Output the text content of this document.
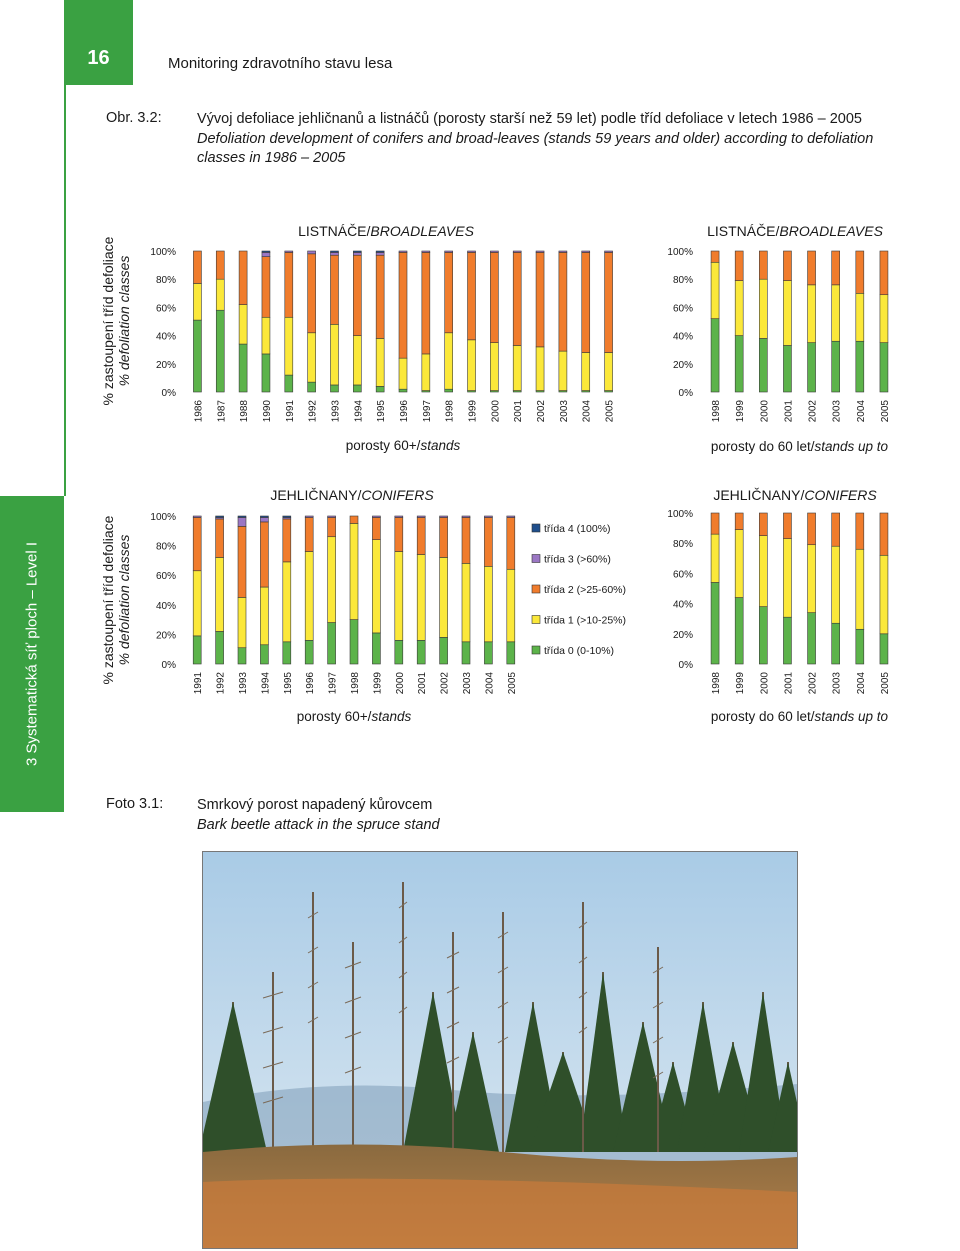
16	Monitoring zdravotního stavu lesa
3 Systematická síť ploch – Level I
Obr. 3.2: Vývoj defoliace jehličnanů a listnáčů (porosty starší než 59 let) podle tříd defoliace v letech 1986 – 2005
Defoliation development of conifers and broad-leaves (stands 59 years and older) according to defoliation classes in 1986 – 2005
LISTNÁČE/BROADLEAVES
0%
20%
40%
60%
80%
100%
1986 1987 1988 1990 1991 1992 1993 1994 1995 1996 1997 1998 1999 2000 2001 2002 2003 2004 2005
porosty 60+/stands
LISTNÁČE/BROADLEAVES
0%
20%
40%
60%
80%
100%
1998 1999 2000 2001 2002 2003 2004 2005
porosty do 60 let/stands up to
JEHLIČNANY/CONIFERS
0%
20%
40%
60%
80%
100%
1991 1992 1993 1994 1995 1996 1997 1998 1999 2000 2001 2002 2003 2004 2005
porosty 60+/stands
JEHLIČNANY/CONIFERS
0%
20%
40%
60%
80%
100%
1998 1999 2000 2001 2002 2003 2004 2005
porosty do 60 let/stands up to
% zastoupení tříd defoliace % defoliation classes
% zastoupení tříd defoliace % defoliation classes
třída 4 (100%)
třída 3 (>60%)
třída 2 (>25-60%)
třída 1 (>10-25%)
třída 0 (0-10%)
Foto 3.1: Smrkový porost napadený kůrovcem
Bark beetle attack in the spruce stand
